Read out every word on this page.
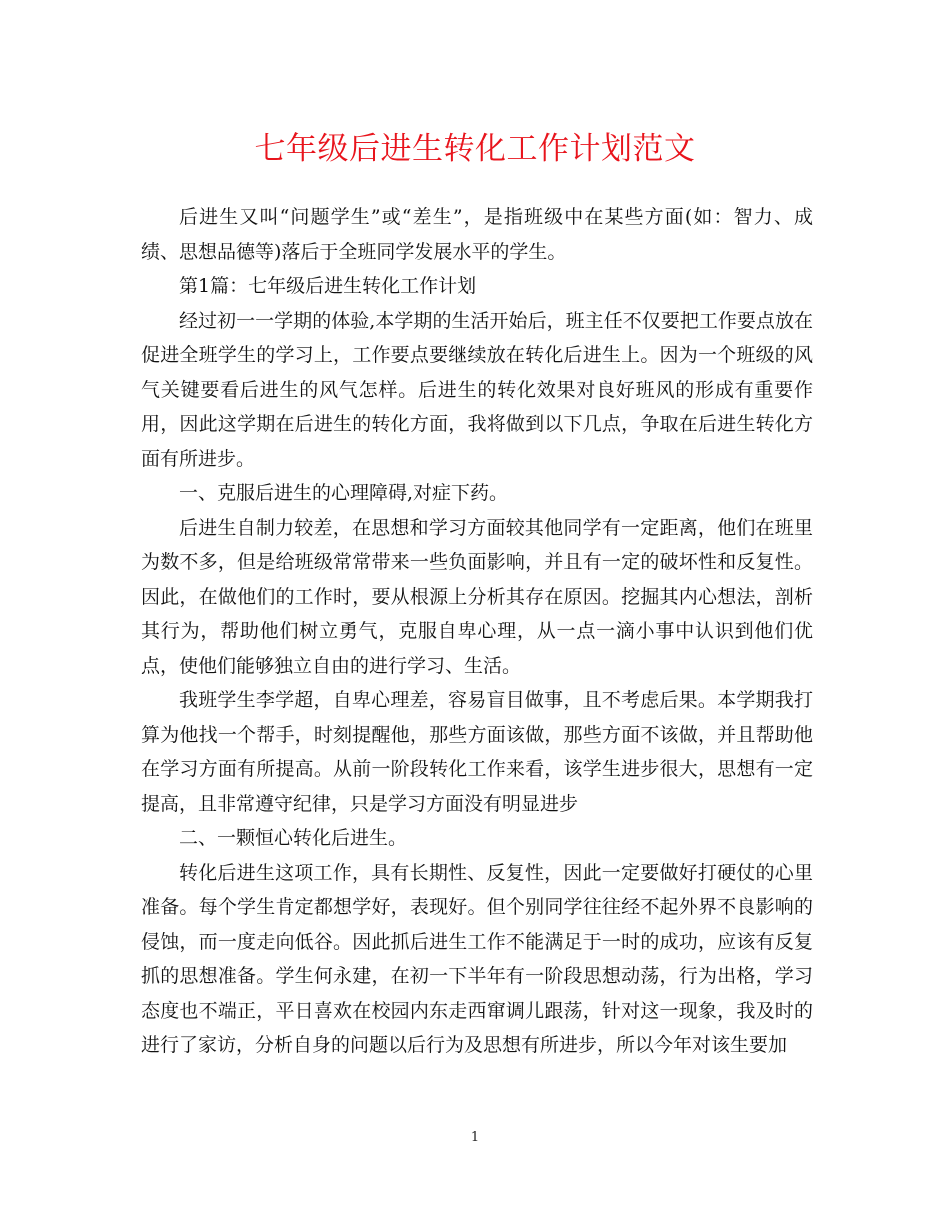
七年级后进生转化工作计划范文

后进生又叫“问题学生”或“差生”，是指班级中在某些方面(如：智力、成绩、思想品德等)落后于全班同学发展水平的学生。

第1篇：七年级后进生转化工作计划

经过初一一学期的体验,本学期的生活开始后，班主任不仅要把工作要点放在促进全班学生的学习上，工作要点要继续放在转化后进生上。因为一个班级的风气关键要看后进生的风气怎样。后进生的转化效果对良好班风的形成有重要作用，因此这学期在后进生的转化方面，我将做到以下几点，争取在后进生转化方面有所进步。

一、克服后进生的心理障碍,对症下药。

后进生自制力较差，在思想和学习方面较其他同学有一定距离，他们在班里为数不多，但是给班级常常带来一些负面影响，并且有一定的破坏性和反复性。因此，在做他们的工作时，要从根源上分析其存在原因。挖掘其内心想法，剖析其行为，帮助他们树立勇气，克服自卑心理，从一点一滴小事中认识到他们优点，使他们能够独立自由的进行学习、生活。

我班学生李学超，自卑心理差，容易盲目做事，且不考虑后果。本学期我打算为他找一个帮手，时刻提醒他，那些方面该做，那些方面不该做，并且帮助他在学习方面有所提高。从前一阶段转化工作来看，该学生进步很大，思想有一定提高，且非常遵守纪律，只是学习方面没有明显进步

二、一颗恒心转化后进生。

转化后进生这项工作，具有长期性、反复性，因此一定要做好打硬仗的心里准备。每个学生肯定都想学好，表现好。但个别同学往往经不起外界不良影响的侵蚀，而一度走向低谷。因此抓后进生工作不能满足于一时的成功，应该有反复抓的思想准备。学生何永建，在初一下半年有一阶段思想动荡，行为出格，学习态度也不端正，平日喜欢在校园内东走西窜调儿跟荡，针对这一现象，我及时的进行了家访，分析自身的问题以后行为及思想有所进步，所以今年对该生要加

1
